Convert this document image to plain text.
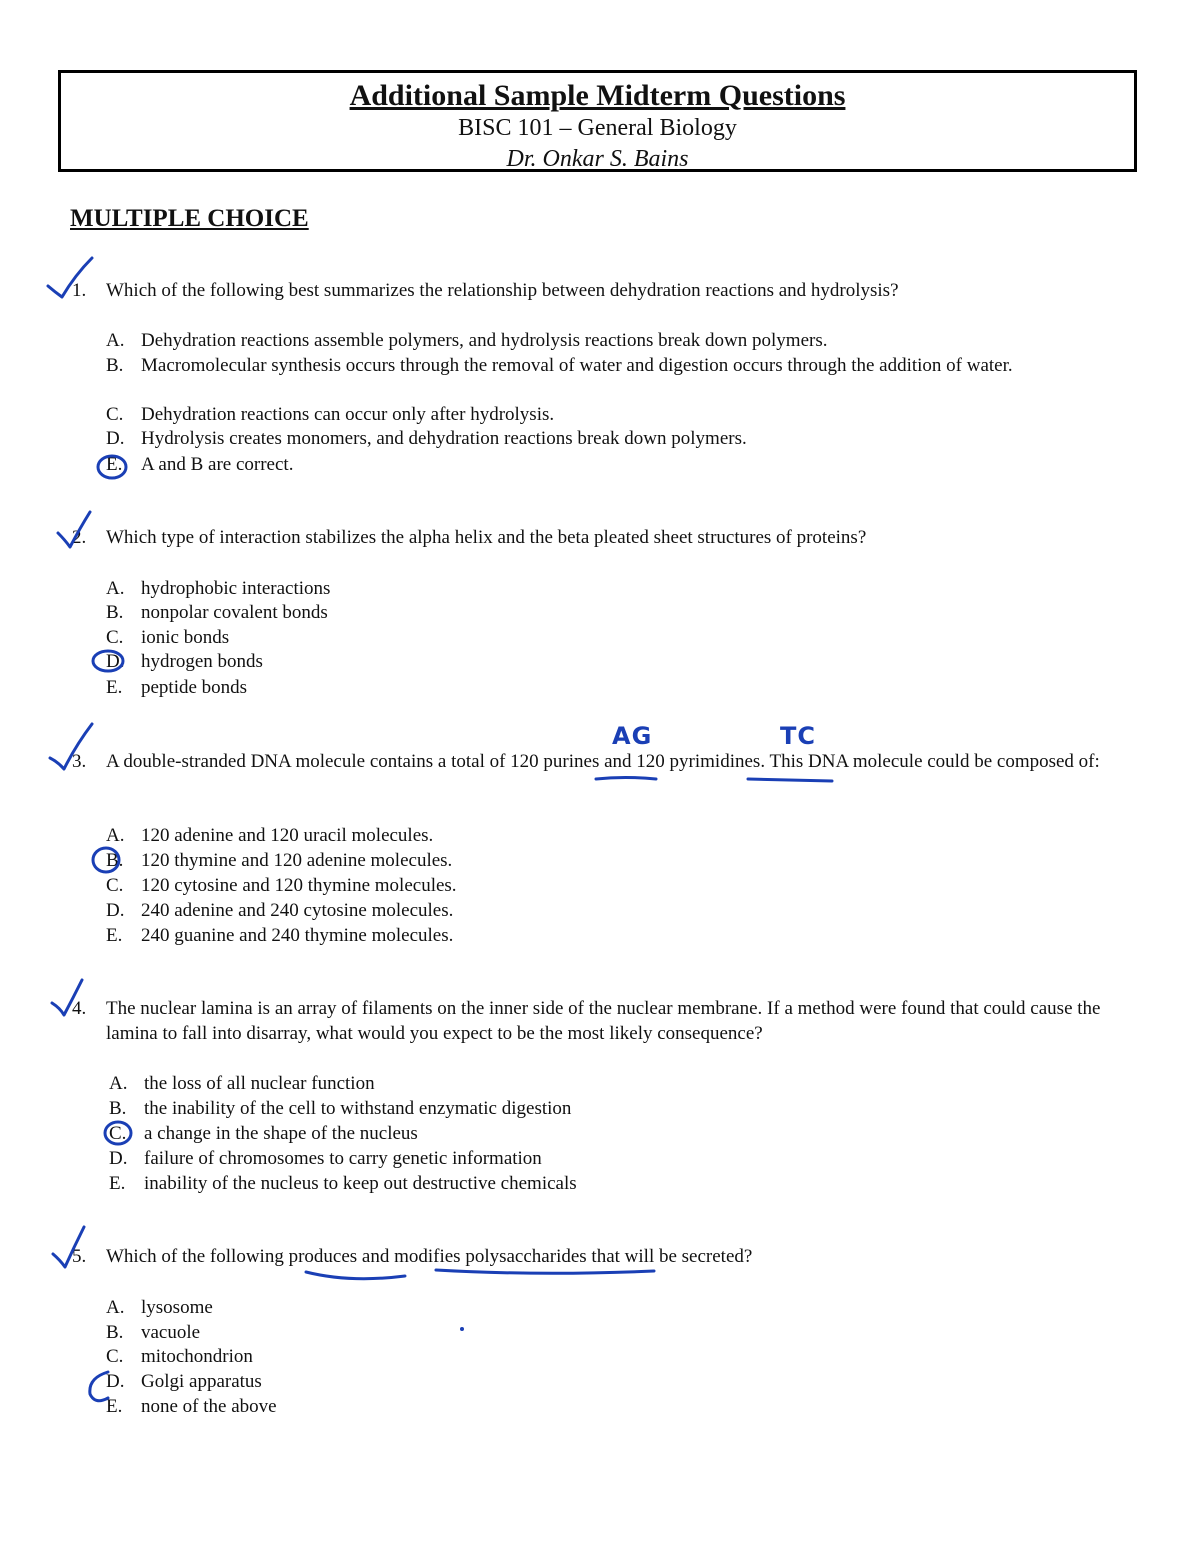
Additional Sample Midterm Questions
BISC 101 – General Biology
Dr. Onkar S. Bains
MULTIPLE CHOICE
1. Which of the following best summarizes the relationship between dehydration reactions and hydrolysis?
A. Dehydration reactions assemble polymers, and hydrolysis reactions break down polymers.
B. Macromolecular synthesis occurs through the removal of water and digestion occurs through the addition of water.
C. Dehydration reactions can occur only after hydrolysis.
D. Hydrolysis creates monomers, and dehydration reactions break down polymers.
E. A and B are correct.
2. Which type of interaction stabilizes the alpha helix and the beta pleated sheet structures of proteins?
A. hydrophobic interactions
B. nonpolar covalent bonds
C. ionic bonds
D. hydrogen bonds
E. peptide bonds
3. A double-stranded DNA molecule contains a total of 120 purines and 120 pyrimidines. This DNA molecule could be composed of:
A. 120 adenine and 120 uracil molecules.
B. 120 thymine and 120 adenine molecules.
C. 120 cytosine and 120 thymine molecules.
D. 240 adenine and 240 cytosine molecules.
E. 240 guanine and 240 thymine molecules.
4. The nuclear lamina is an array of filaments on the inner side of the nuclear membrane. If a method were found that could cause the lamina to fall into disarray, what would you expect to be the most likely consequence?
A. the loss of all nuclear function
B. the inability of the cell to withstand enzymatic digestion
C. a change in the shape of the nucleus
D. failure of chromosomes to carry genetic information
E. inability of the nucleus to keep out destructive chemicals
5. Which of the following produces and modifies polysaccharides that will be secreted?
A. lysosome
B. vacuole
C. mitochondrion
D. Golgi apparatus
E. none of the above
AG	TC
